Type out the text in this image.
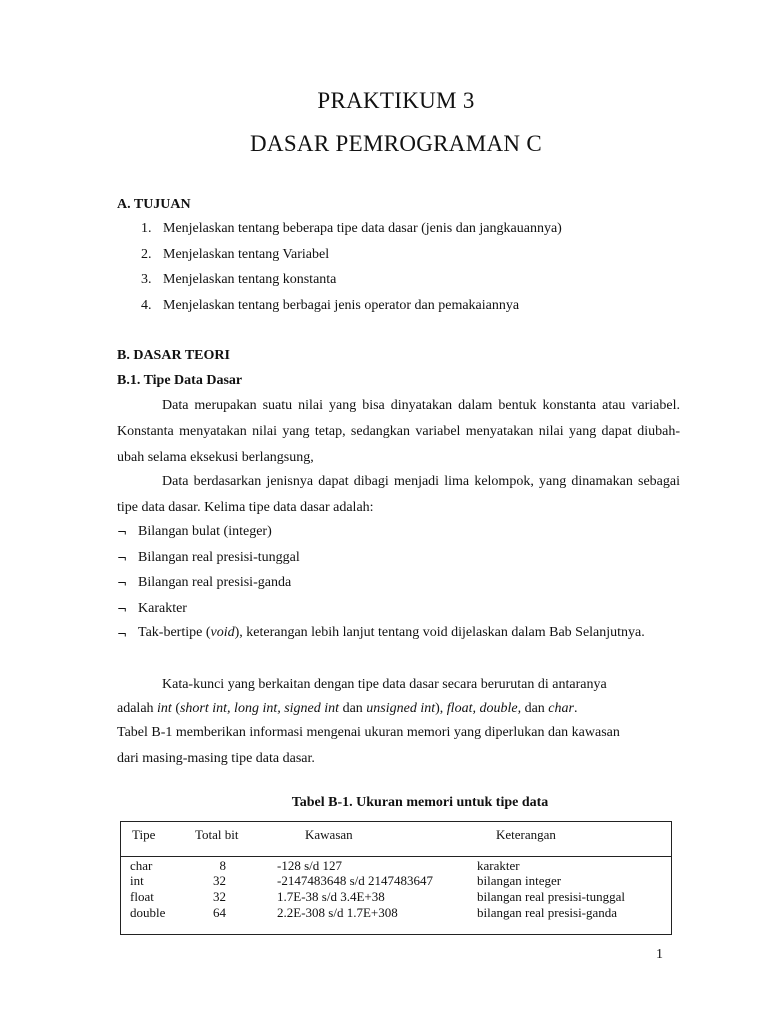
PRAKTIKUM 3
DASAR PEMROGRAMAN C
A. TUJUAN
1. Menjelaskan tentang beberapa tipe data dasar (jenis dan jangkauannya)
2. Menjelaskan tentang Variabel
3. Menjelaskan tentang konstanta
4. Menjelaskan tentang berbagai jenis operator dan pemakaiannya
B. DASAR TEORI
B.1. Tipe Data Dasar
Data merupakan suatu nilai yang bisa dinyatakan dalam bentuk konstanta atau variabel. Konstanta menyatakan nilai yang tetap, sedangkan variabel menyatakan nilai yang dapat diubah-ubah selama eksekusi berlangsung,
Data berdasarkan jenisnya dapat dibagi menjadi lima kelompok, yang dinamakan sebagai tipe data dasar. Kelima tipe data dasar adalah:
¬ Bilangan bulat (integer)
¬ Bilangan real presisi-tunggal
¬ Bilangan real presisi-ganda
¬ Karakter
¬ Tak-bertipe (void), keterangan lebih lanjut tentang void dijelaskan dalam Bab Selanjutnya.
Kata-kunci yang berkaitan dengan tipe data dasar secara berurutan di antaranya
adalah int (short int, long int, signed int dan unsigned int), float, double, dan char.
Tabel B-1 memberikan informasi mengenai ukuran memori yang diperlukan dan kawasan dari masing-masing tipe data dasar.
Tabel B-1. Ukuran memori untuk tipe data
Tipe	Total bit	Kawasan	Keterangan
char	8	-128 s/d 127	karakter
int	32	-2147483648 s/d 2147483647	bilangan integer
float	32	1.7E-38 s/d 3.4E+38	bilangan real presisi-tunggal
double	64	2.2E-308 s/d 1.7E+308	bilangan real presisi-ganda
1
